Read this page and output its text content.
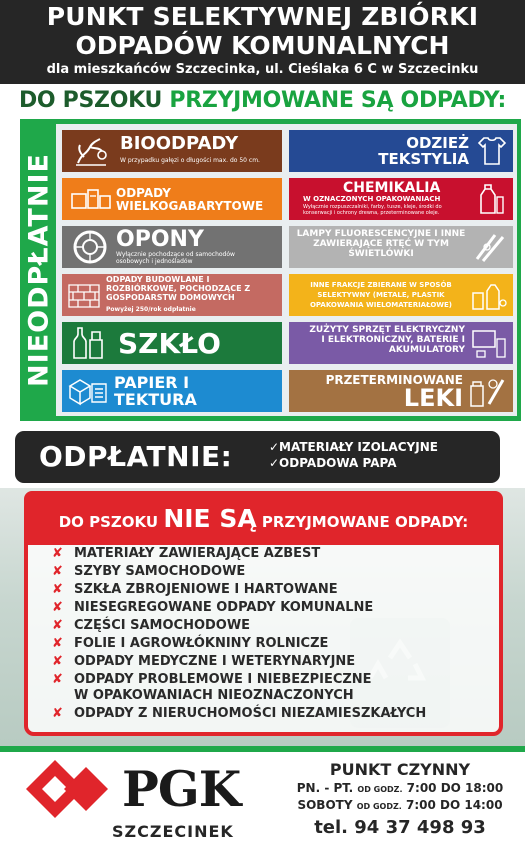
PUNKT SELEKTYWNEJ ZBIÓRKI
ODPADÓW KOMUNALNYCH
dla mieszkańców Szczecinka, ul. Cieślaka 6 C w Szczecinku
DO PSZOKU PRZYJMOWANE SĄ ODPADY:
NIEODPŁATNIE
BIOODPADY
W przypadku gałęzi o długości max. do 50 cm.
ODPADY WIELKOGABARYTOWE
OPONY
Wyłącznie pochodzące od samochodów osobowych i jednośladów
ODPADY BUDOWLANE I ROZBIÓRKOWE, POCHODZĄCE Z GOSPODARSTW DOMOWYCH
Powyżej 250/rok odpłatnie
SZKŁO
PAPIER I TEKTURA
ODZIEŻ TEKSTYLIA
CHEMIKALIA
W OZNACZONYCH OPAKOWANIACH
Wyłącznie rozpuszczalniki, farby, tusze, kleje, środki do konserwacji i ochrony drewna, przeterminowane oleje.
LAMPY FLUORESCENCYJNE I INNE ZAWIERAJĄCE RTĘĆ W TYM ŚWIETLÓWKI
INNE FRAKCJE ZBIERANE W SPOSÓB SELEKTYWNY (METALE, PLASTIK OPAKOWANIA WIELOMATERIAŁOWE)
ZUŻYTY SPRZĘT ELEKTRYCZNY I ELEKTRONICZNY, BATERIE I AKUMULATORY
PRZETERMINOWANE
LEKI
ODPŁATNIE:	✓MATERIAŁY IZOLACYJNE
✓ODPADOWA PAPA
DO PSZOKU NIE SĄ PRZYJMOWANE ODPADY:
✘ MATERIAŁY ZAWIERAJĄCE AZBEST
✘ SZYBY SAMOCHODOWE
✘ SZKŁA ZBROJENIOWE I HARTOWANE
✘ NIESEGREGOWANE ODPADY KOMUNALNE
✘ CZĘŚCI SAMOCHODOWE
✘ FOLIE I AGROWŁÓKNINY ROLNICZE
✘ ODPADY MEDYCZNE I WETERYNARYJNE
✘ ODPADY PROBLEMOWE I NIEBEZPIECZNE
W OPAKOWANIACH NIEOZNACZONYCH
✘ ODPADY Z NIERUCHOMOŚCI NIEZAMIESZKAŁYCH
PGK
SZCZECINEK
PUNKT CZYNNY
PN. - PT. OD GODZ. 7:00 DO 18:00
SOBOTY OD GODZ. 7:00 DO 14:00
tel. 94 37 498 93
